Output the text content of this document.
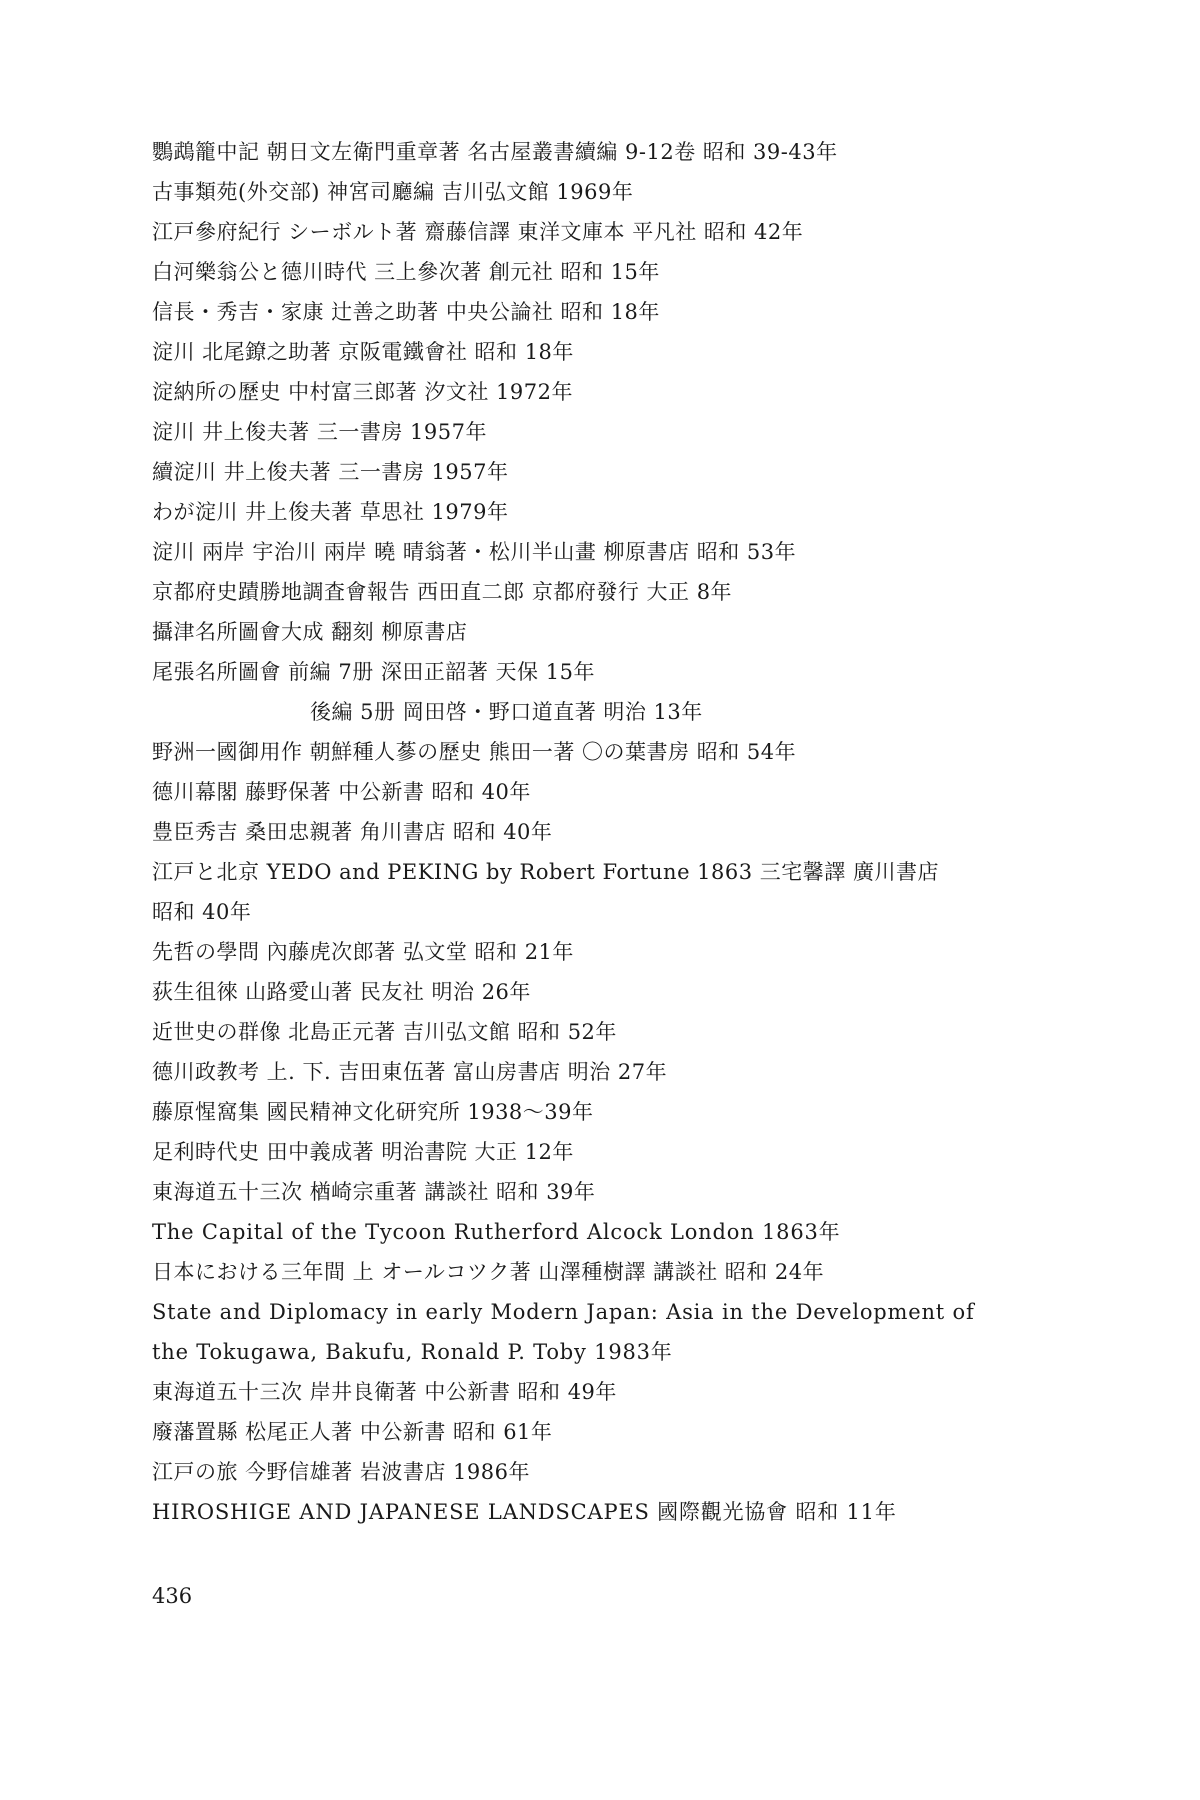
鸚鵡籠中記 朝日文左衛門重章著 名古屋叢書續編 9-12卷 昭和 39-43年
古事類苑(外交部) 神宮司廳編 吉川弘文館 1969年
江戸參府紀行 シーボルト著 齋藤信譯 東洋文庫本 平凡社 昭和 42年
白河樂翁公と德川時代 三上參次著 創元社 昭和 15年
信長・秀吉・家康 辻善之助著 中央公論社 昭和 18年
淀川 北尾鐐之助著 京阪電鐵會社 昭和 18年
淀納所の歷史 中村富三郎著 汐文社 1972年
淀川 井上俊夫著 三一書房 1957年
續淀川 井上俊夫著 三一書房 1957年
わが淀川 井上俊夫著 草思社 1979年
淀川 兩岸 宇治川 兩岸 曉 晴翁著・松川半山畫 柳原書店 昭和 53年
京都府史蹟勝地調査會報告 西田直二郎 京都府發行 大正 8年
攝津名所圖會大成 翻刻 柳原書店
尾張名所圖會 前編 7册 深田正韶著 天保 15年
後編 5册 岡田啓・野口道直著 明治 13年
野洲一國御用作 朝鮮種人蔘の歷史 熊田一著 〇の葉書房 昭和 54年
德川幕閣 藤野保著 中公新書 昭和 40年
豊臣秀吉 桑田忠親著 角川書店 昭和 40年
江戸と北京 YEDO and PEKING by Robert Fortune 1863 三宅馨譯 廣川書店
昭和 40年
先哲の學問 內藤虎次郎著 弘文堂 昭和 21年
荻生徂徠 山路愛山著 民友社 明治 26年
近世史の群像 北島正元著 吉川弘文館 昭和 52年
德川政教考 上. 下. 吉田東伍著 富山房書店 明治 27年
藤原惺窩集 國民精神文化研究所 1938〜39年
足利時代史 田中義成著 明治書院 大正 12年
東海道五十三次 楢崎宗重著 講談社 昭和 39年
The Capital of the Tycoon Rutherford Alcock London 1863年
日本における三年間 上 オールコツク著 山澤種樹譯 講談社 昭和 24年
State and Diplomacy in early Modern Japan: Asia in the Development of
the Tokugawa, Bakufu, Ronald P. Toby 1983年
東海道五十三次 岸井良衛著 中公新書 昭和 49年
廢藩置縣 松尾正人著 中公新書 昭和 61年
江戸の旅 今野信雄著 岩波書店 1986年
HIROSHIGE AND JAPANESE LANDSCAPES 國際觀光協會 昭和 11年
436
